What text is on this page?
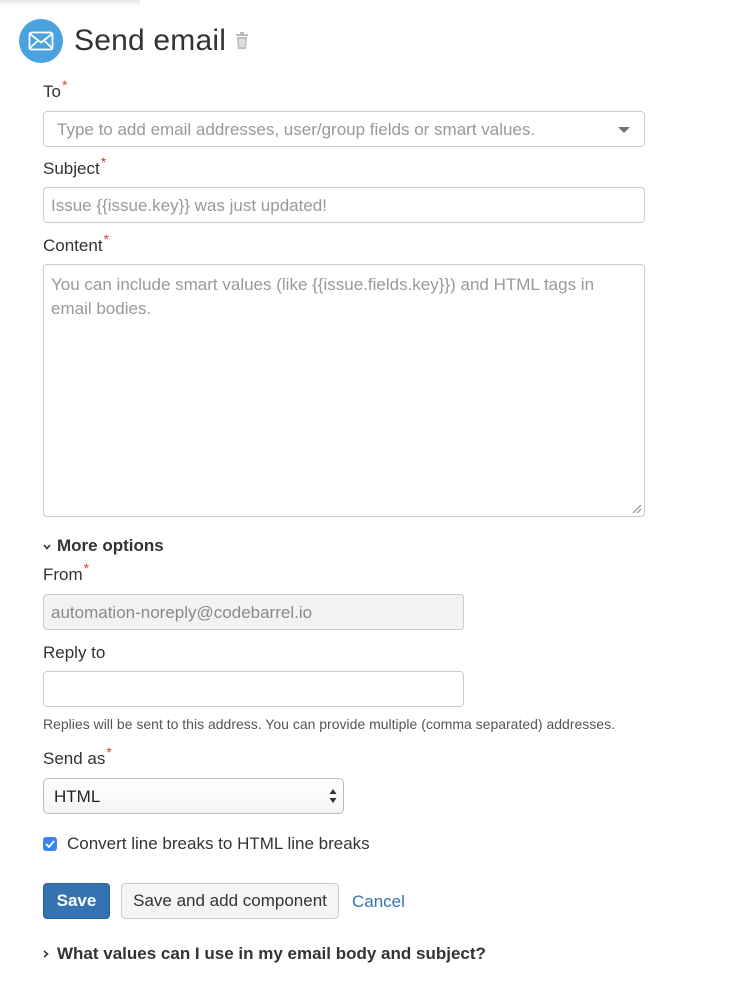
Send email
To*
Type to add email addresses, user/group fields or smart values.
Subject*
Issue {{issue.key}} was just updated!
Content*
You can include smart values (like {{issue.fields.key}}) and HTML tags in email bodies.
More options
From*
automation-noreply@codebarrel.io
Reply to
Replies will be sent to this address. You can provide multiple (comma separated) addresses.
Send as*
HTML
Convert line breaks to HTML line breaks
Save	Save and add component	Cancel
What values can I use in my email body and subject?
